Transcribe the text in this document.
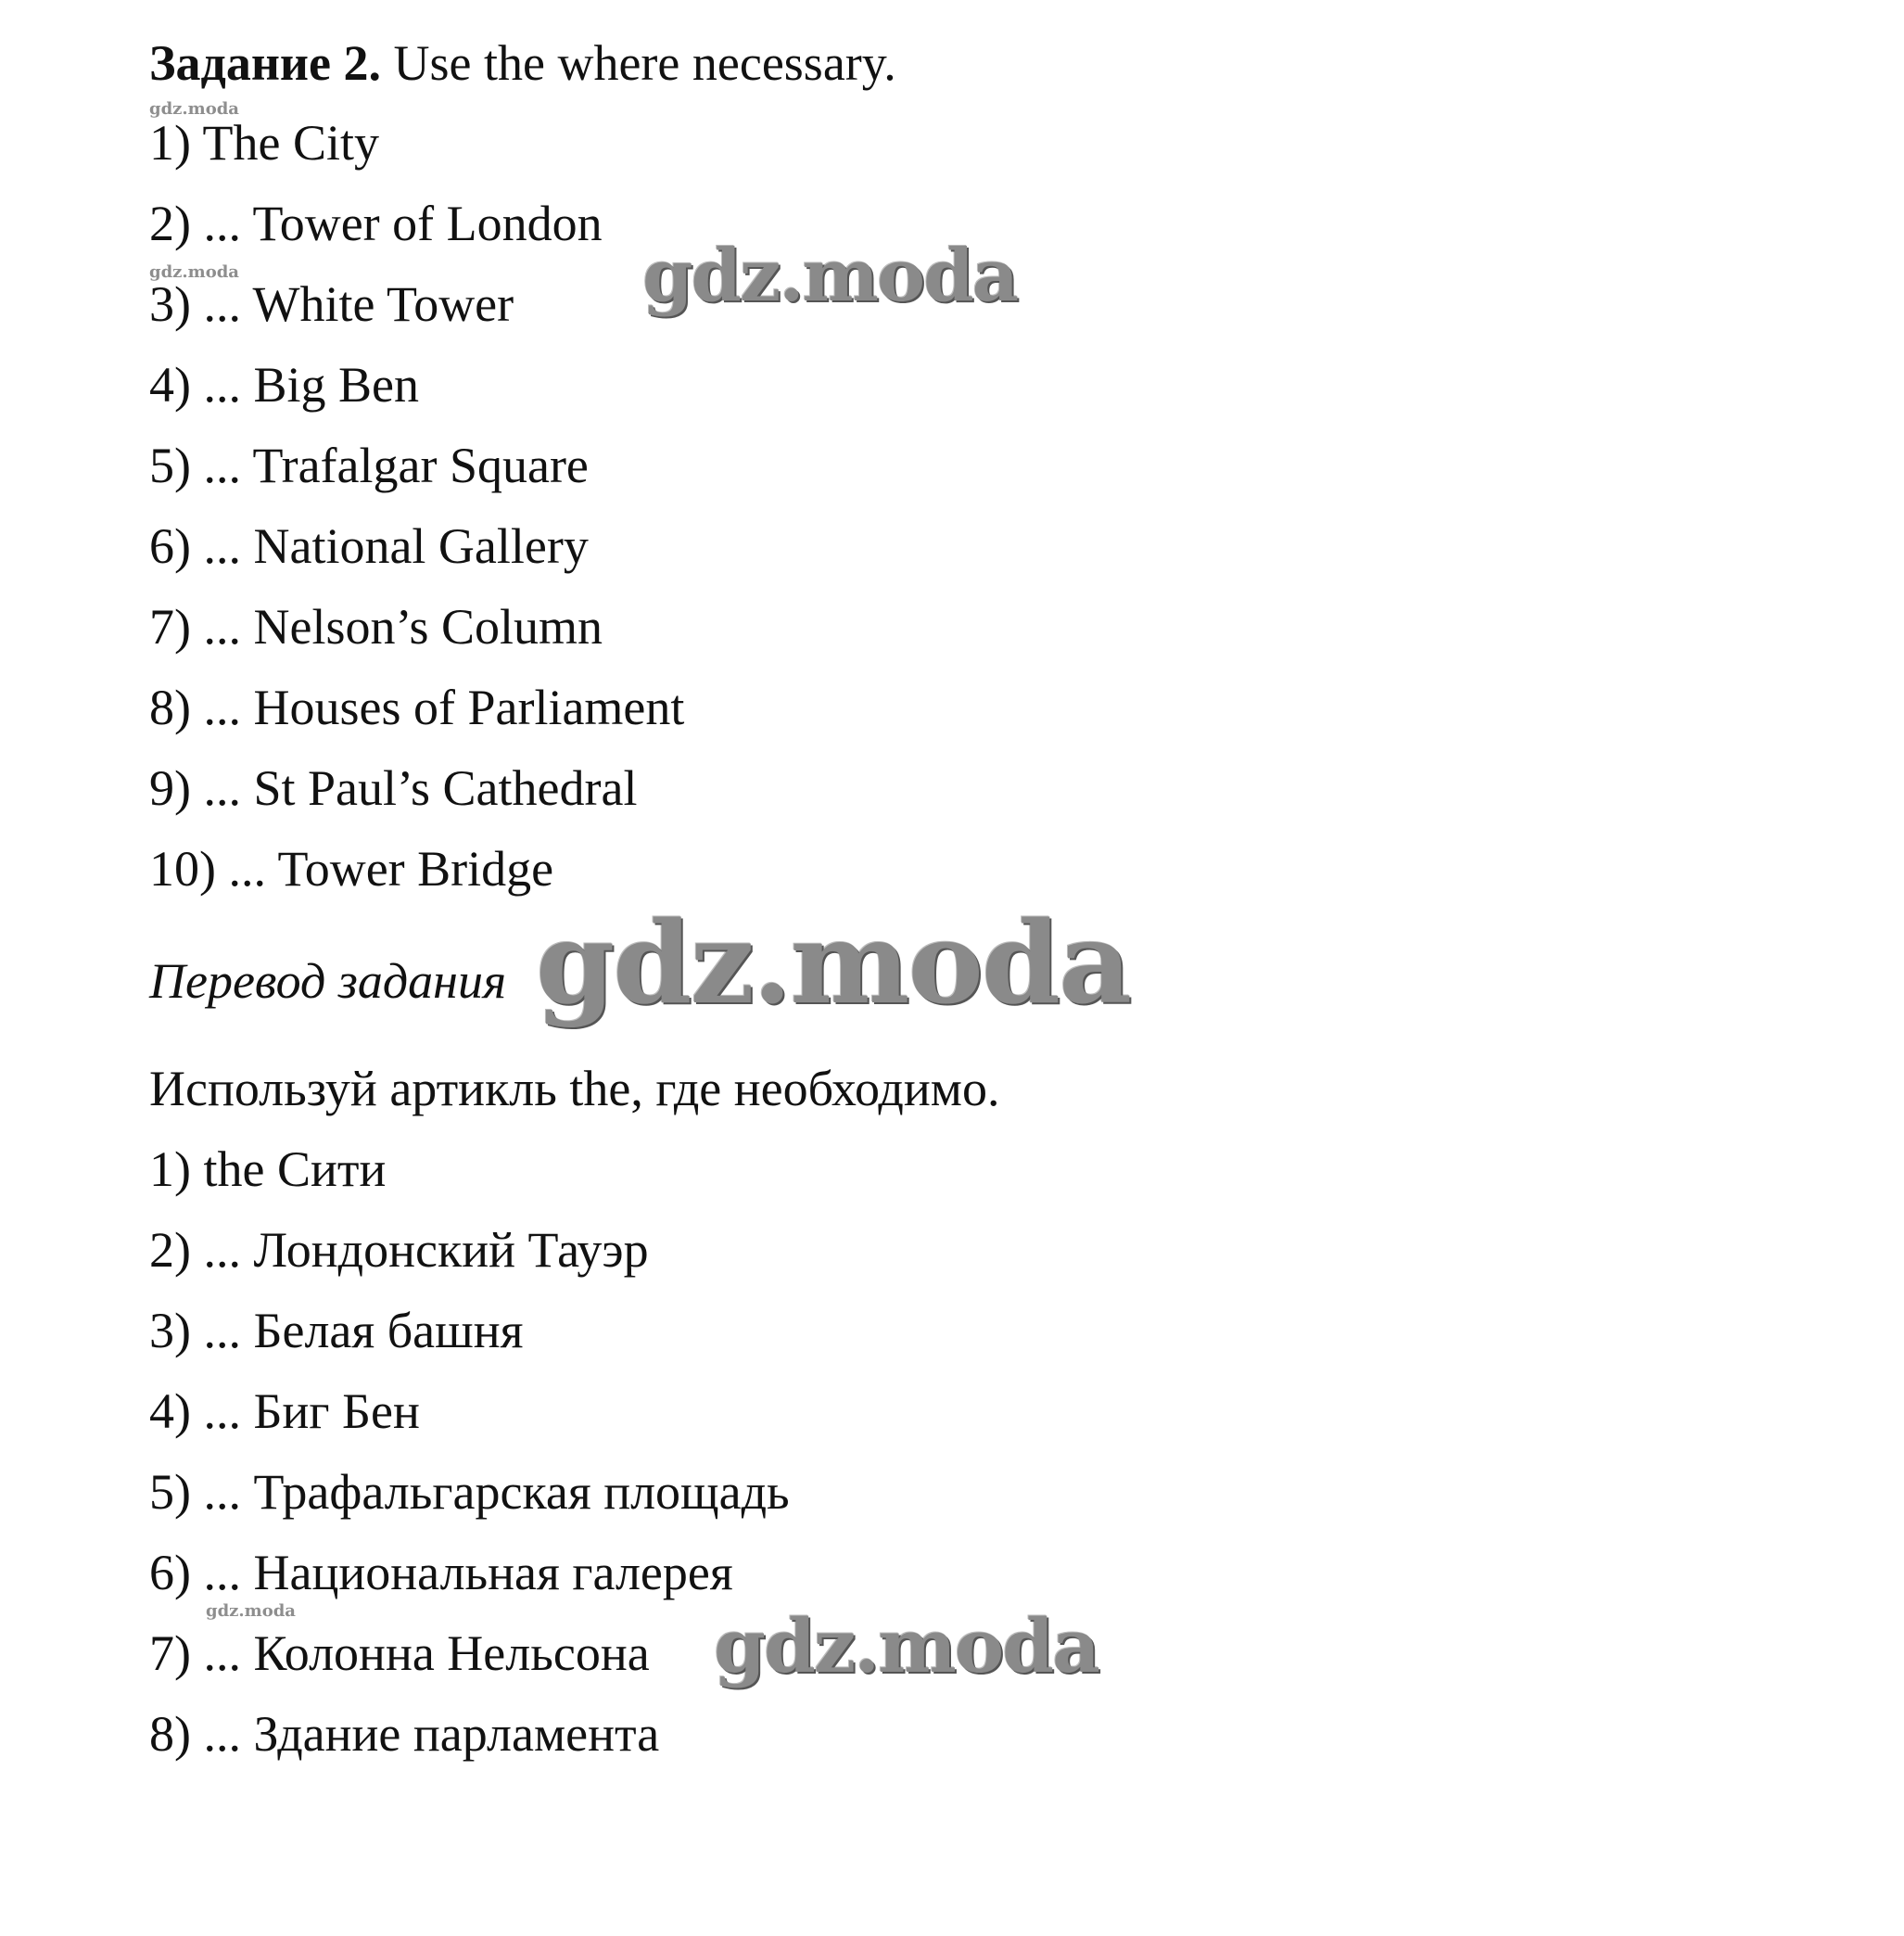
Задание 2. Use the where necessary.
1) The City
2) ... Tower of London
3) ... White Tower
4) ... Big Ben
5) ... Trafalgar Square
6) ... National Gallery
7) ... Nelson’s Column
8) ... Houses of Parliament
9) ... St Paul’s Cathedral
10) ... Tower Bridge
Перевод задания
Используй артикль the, где необходимо.
1) the Сити
2) ... Лондонский Тауэр
3) ... Белая башня
4) ... Биг Бен
5) ... Трафальгарская площадь
6) ... Национальная галерея
7) ... Колонна Нельсона
8) ... Здание парламента
gdz.moda
gdz.moda
gdz.moda
gdz.moda
gdz.moda
gdz.moda
